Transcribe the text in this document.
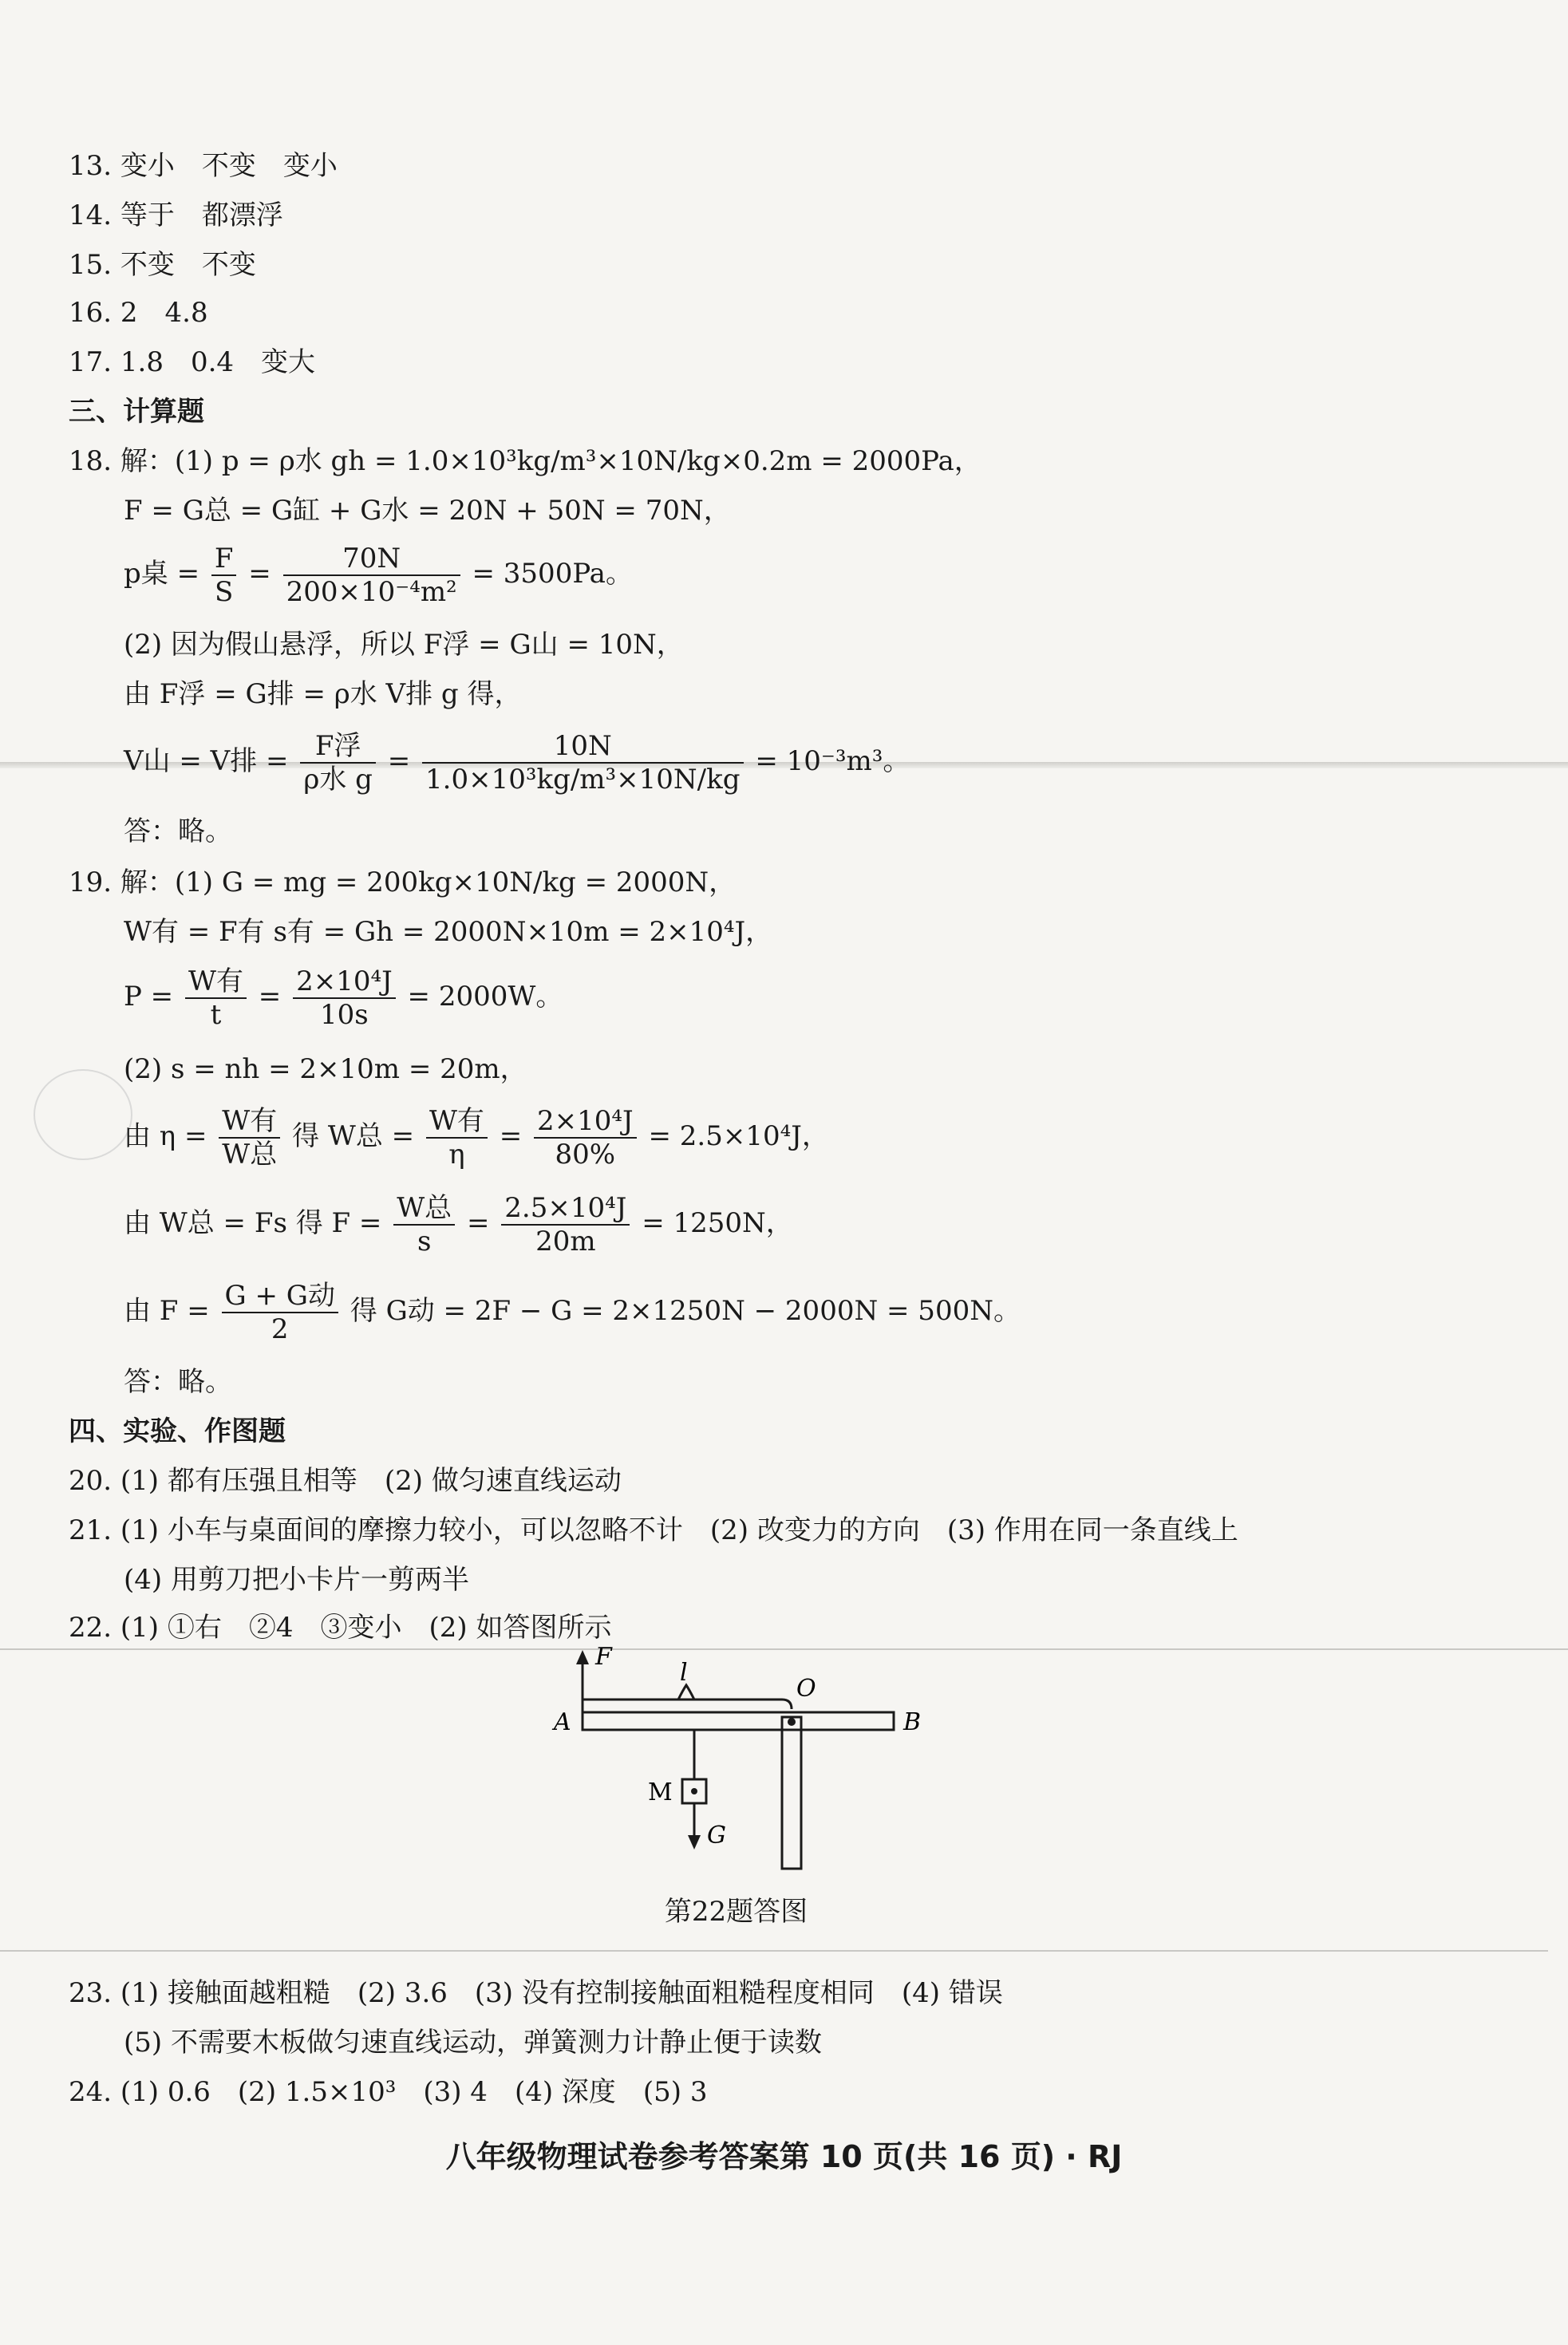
13. 变小　不变　变小
14. 等于　都漂浮
15. 不变　不变
16. 2　4.8
17. 1.8　0.4　变大
三、计算题
18. 解：(1) p = ρ水 gh = 1.0×10³kg/m³×10N/kg×0.2m = 2000Pa，
F = G总 = G缸 + G水 = 20N + 50N = 70N，
p桌 = $\frac{F}{S} = \frac{70N}{\text{200×10⁻⁴m²}} = 3500Pa$。
(2) 因为假山悬浮，所以 F浮 = G山 = 10N，
由 F浮 = G排 = ρ水 V排 g 得，
V山 = V排 = $\frac{\text{F浮}}{\text{ρ水 g}} = \frac{10N}{\text{1.0×10³kg/m³×10N/kg}} = 10^{-3}m^3$。
答：略。
19. 解：(1) G = mg = 200kg×10N/kg = 2000N，
W有 = F有 s有 = Gh = 2000N×10m = 2×10⁴J，
$P = \frac{\text{W有}}{t} = \frac{\text{2×10⁴J}}{10s} = 2000W$。
(2) s = nh = 2×10m = 20m，
由 $\eta = \frac{\text{W有}}{\text{W总}}$ 得 W总 = $\frac{\text{W有}}{\eta} = \frac{\text{2×10⁴J}}{80\%} = 2.5\times 10^4J$，
由 W总 = Fs 得 $F = \frac{\text{W总}}{s} = \frac{\text{2.5×10⁴J}}{20m} = 1250N$，
由 $F = \frac{\text{G + G动}}{2}$ 得 G动 = 2F − G = 2×1250N − 2000N = 500N。
答：略。
四、实验、作图题
20. (1) 都有压强且相等　(2) 做匀速直线运动
21. (1) 小车与桌面间的摩擦力较小，可以忽略不计　(2) 改变力的方向　(3) 作用在同一条直线上
(4) 用剪刀把小卡片一剪两半
22. (1) ①右　②4　③变小　(2) 如答图所示
F
l
O
A	B
M
G
第22题答图
23. (1) 接触面越粗糙　(2) 3.6　(3) 没有控制接触面粗糙程度相同　(4) 错误
(5) 不需要木板做匀速直线运动，弹簧测力计静止便于读数
24. (1) 0.6　(2) 1.5×10³　(3) 4　(4) 深度　(5) 3
八年级物理试卷参考答案第 10 页(共 16 页) · RJ
